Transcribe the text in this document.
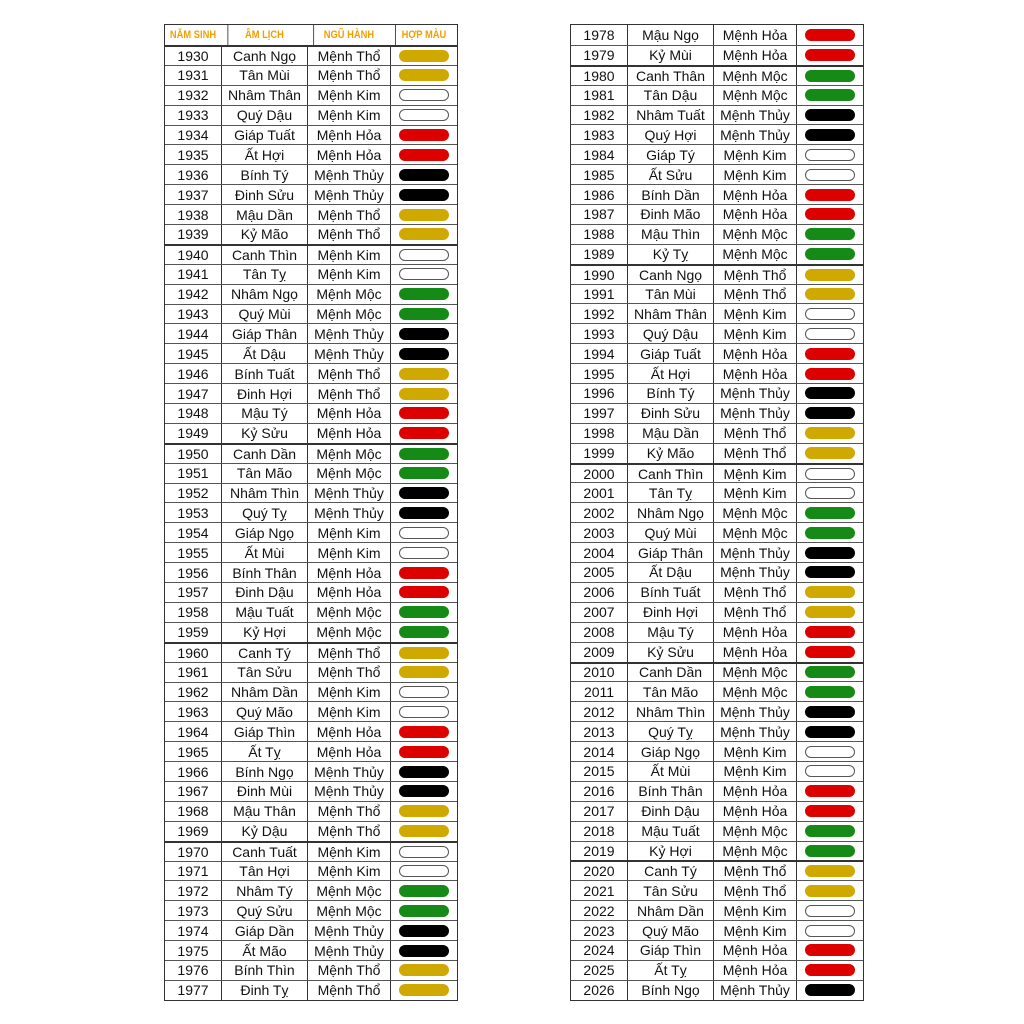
NĂM SINH	ÂM LỊCH	NGŨ HÀNH	HỢP MÀU
1930	Canh Ngọ	Mệnh Thổ
1931	Tân Mùi	Mệnh Thổ
1932	Nhâm Thân	Mệnh Kim
1933	Quý Dậu	Mệnh Kim
1934	Giáp Tuất	Mệnh Hỏa
1935	Ất Hợi	Mệnh Hỏa
1936	Bính Tý	Mệnh Thủy
1937	Đinh Sửu	Mệnh Thủy
1938	Mậu Dần	Mệnh Thổ
1939	Kỷ Mão	Mệnh Thổ
1940	Canh Thìn	Mệnh Kim
1941	Tân Tỵ	Mệnh Kim
1942	Nhâm Ngọ	Mệnh Mộc
1943	Quý Mùi	Mệnh Mộc
1944	Giáp Thân	Mệnh Thủy
1945	Ất Dậu	Mệnh Thủy
1946	Bính Tuất	Mệnh Thổ
1947	Đinh Hợi	Mệnh Thổ
1948	Mậu Tý	Mệnh Hỏa
1949	Kỷ Sửu	Mệnh Hỏa
1950	Canh Dần	Mệnh Mộc
1951	Tân Mão	Mệnh Mộc
1952	Nhâm Thìn	Mệnh Thủy
1953	Quý Tỵ	Mệnh Thủy
1954	Giáp Ngọ	Mệnh Kim
1955	Ất Mùi	Mệnh Kim
1956	Bính Thân	Mệnh Hỏa
1957	Đinh Dậu	Mệnh Hỏa
1958	Mậu Tuất	Mệnh Mộc
1959	Kỷ Hợi	Mệnh Mộc
1960	Canh Tý	Mệnh Thổ
1961	Tân Sửu	Mệnh Thổ
1962	Nhâm Dần	Mệnh Kim
1963	Quý Mão	Mệnh Kim
1964	Giáp Thìn	Mệnh Hỏa
1965	Ất Tỵ	Mệnh Hỏa
1966	Bính Ngọ	Mệnh Thủy
1967	Đinh Mùi	Mệnh Thủy
1968	Mậu Thân	Mệnh Thổ
1969	Kỷ Dậu	Mệnh Thổ
1970	Canh Tuất	Mệnh Kim
1971	Tân Hợi	Mệnh Kim
1972	Nhâm Tý	Mệnh Mộc
1973	Quý Sửu	Mệnh Mộc
1974	Giáp Dần	Mệnh Thủy
1975	Ất Mão	Mệnh Thủy
1976	Bính Thìn	Mệnh Thổ
1977	Đinh Tỵ	Mệnh Thổ
1978	Mậu Ngọ	Mệnh Hỏa
1979	Kỷ Mùi	Mệnh Hỏa
1980	Canh Thân	Mệnh Mộc
1981	Tân Dậu	Mệnh Mộc
1982	Nhâm Tuất	Mệnh Thủy
1983	Quý Hợi	Mệnh Thủy
1984	Giáp Tý	Mệnh Kim
1985	Ất Sửu	Mệnh Kim
1986	Bính Dần	Mệnh Hỏa
1987	Đinh Mão	Mệnh Hỏa
1988	Mậu Thìn	Mệnh Mộc
1989	Kỷ Tỵ	Mệnh Mộc
1990	Canh Ngọ	Mệnh Thổ
1991	Tân Mùi	Mệnh Thổ
1992	Nhâm Thân	Mệnh Kim
1993	Quý Dậu	Mệnh Kim
1994	Giáp Tuất	Mệnh Hỏa
1995	Ất Hợi	Mệnh Hỏa
1996	Bính Tý	Mệnh Thủy
1997	Đinh Sửu	Mệnh Thủy
1998	Mậu Dần	Mệnh Thổ
1999	Kỷ Mão	Mệnh Thổ
2000	Canh Thìn	Mệnh Kim
2001	Tân Tỵ	Mệnh Kim
2002	Nhâm Ngọ	Mệnh Mộc
2003	Quý Mùi	Mệnh Mộc
2004	Giáp Thân	Mệnh Thủy
2005	Ất Dậu	Mệnh Thủy
2006	Bính Tuất	Mệnh Thổ
2007	Đinh Hợi	Mệnh Thổ
2008	Mậu Tý	Mệnh Hỏa
2009	Kỷ Sửu	Mệnh Hỏa
2010	Canh Dần	Mệnh Mộc
2011	Tân Mão	Mệnh Mộc
2012	Nhâm Thìn	Mệnh Thủy
2013	Quý Tỵ	Mệnh Thủy
2014	Giáp Ngọ	Mệnh Kim
2015	Ất Mùi	Mệnh Kim
2016	Bính Thân	Mệnh Hỏa
2017	Đinh Dậu	Mệnh Hỏa
2018	Mậu Tuất	Mệnh Mộc
2019	Kỷ Hợi	Mệnh Mộc
2020	Canh Tý	Mệnh Thổ
2021	Tân Sửu	Mệnh Thổ
2022	Nhâm Dần	Mệnh Kim
2023	Quý Mão	Mệnh Kim
2024	Giáp Thìn	Mệnh Hỏa
2025	Ất Tỵ	Mệnh Hỏa
2026	Bính Ngọ	Mệnh Thủy
